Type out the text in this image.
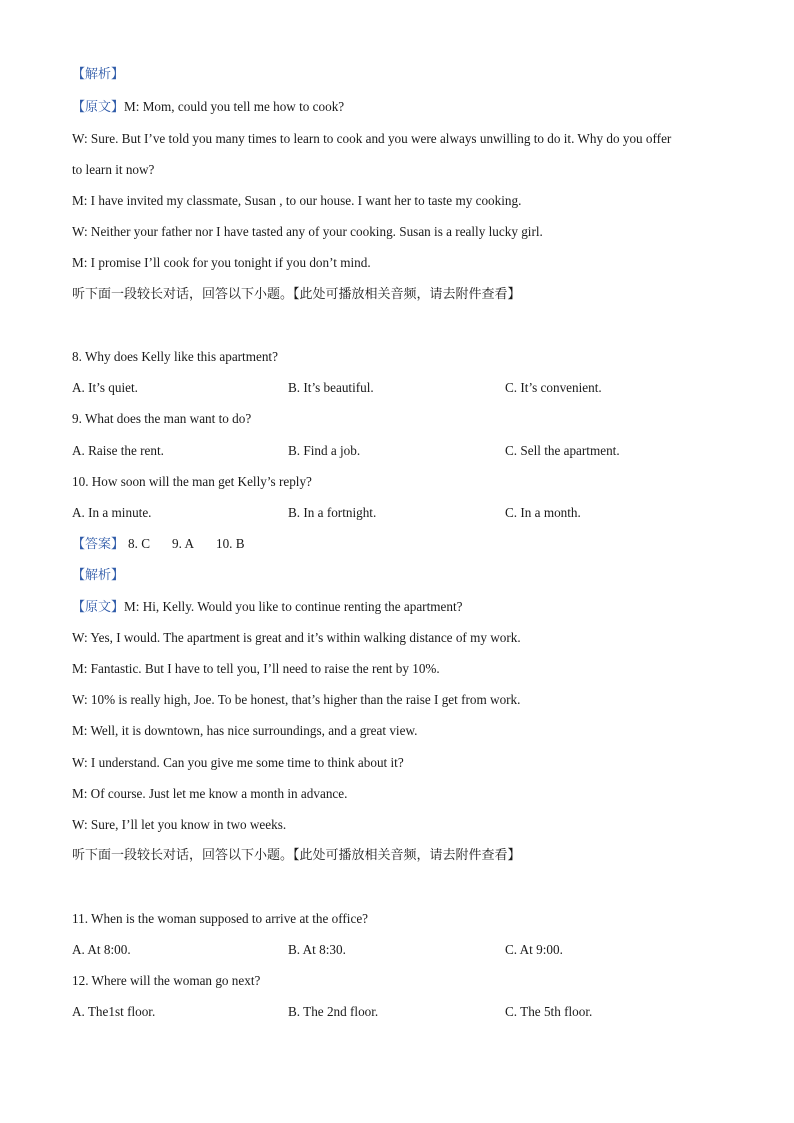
【解析】
【原文】M: Mom, could you tell me how to cook?
W: Sure. But I’ve told you many times to learn to cook and you were always unwilling to do it. Why do you offer
to learn it now?
M: I have invited my classmate, Susan , to our house. I want her to taste my cooking.
W: Neither your father nor I have tasted any of your cooking. Susan is a really lucky girl.
M: I promise I’ll cook for you tonight if you don’t mind.
听下面一段较长对话，回答以下小题。【此处可播放相关音频，请去附件查看】
8. Why does Kelly like this apartment?
A. It’s quiet.	B. It’s beautiful.	C. It’s convenient.
9. What does the man want to do?
A. Raise the rent.	B. Find a job.	C. Sell the apartment.
10. How soon will the man get Kelly’s reply?
A. In a minute.	B. In a fortnight.	C. In a month.
【答案】 8. C 9. A 10. B
【解析】
【原文】M: Hi, Kelly. Would you like to continue renting the apartment?
W: Yes, I would. The apartment is great and it’s within walking distance of my work.
M: Fantastic. But I have to tell you, I’ll need to raise the rent by 10%.
W: 10% is really high, Joe. To be honest, that’s higher than the raise I get from work.
M: Well, it is downtown, has nice surroundings, and a great view.
W: I understand. Can you give me some time to think about it?
M: Of course. Just let me know a month in advance.
W: Sure, I’ll let you know in two weeks.
听下面一段较长对话，回答以下小题。【此处可播放相关音频，请去附件查看】
11. When is the woman supposed to arrive at the office?
A. At 8:00.	B. At 8:30.	C. At 9:00.
12. Where will the woman go next?
A. The1st floor.	B. The 2nd floor.	C. The 5th floor.
